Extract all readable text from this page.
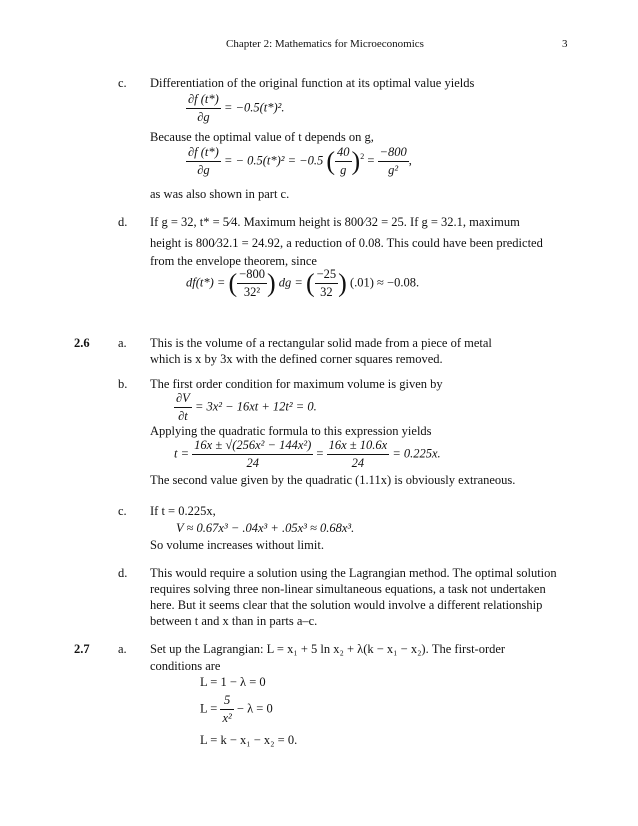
Chapter 2: Mathematics for Microeconomics	3
c. Differentiation of the original function at its optimal value yields
$\frac{\partial f (t*)}{\partial g} = -0.5(t*)^2$.
Because the optimal value of t depends on g,
$\frac{\partial f (t*)}{\partial g}$ = − 0.5(t*)² = −0.5 ( $\frac{40}{g} )^2 = \frac{-800}{\text{g²}}$ ,
as was also shown in part c.
d. If g = 32, t* = 5⁄4. Maximum height is 800⁄32 = 25. If g = 32.1, maximum
height is 800⁄32.1 = 24.92, a reduction of 0.08. This could have been predicted
from the envelope theorem, since
df(t*) = ( $\frac{-800}{\text{32²}}$ ) dg = ( $\frac{-25}{32}$ ) (.01) ≈ −0.08.
2.6 a. This is the volume of a rectangular solid made from a piece of metal
which is x by 3x with the defined corner squares removed.
b. The first order condition for maximum volume is given by
$\frac{\partial V}{\partial t} = 3x^2 - 16xt + 12t^2 = 0$.
Applying the quadratic formula to this expression yields
$t = \frac{\text{16x ± √(256x² − 144x²)}}{24} = \frac{16x \pm 10.6x}{24} = 0.225x$.
The second value given by the quadratic (1.11x) is obviously extraneous.
c. If t = 0.225x,
V ≈ 0.67x³ − .04x³ + .05x³ ≈ 0.68x³.
So volume increases without limit.
d. This would require a solution using the Lagrangian method. The optimal solution
requires solving three non-linear simultaneous equations, a task not undertaken
here. But it seems clear that the solution would involve a different relationship
between t and x than in parts a–c.
2.7 a. Set up the Lagrangian: L = x₁ + 5 ln x₂ + λ(k − x₁ − x₂). The first-order
conditions are
L = 1 − λ = 0
$L = \frac{5}{\text{x²}} - \lambda = 0$
L = k − x₁ − x₂ = 0.
